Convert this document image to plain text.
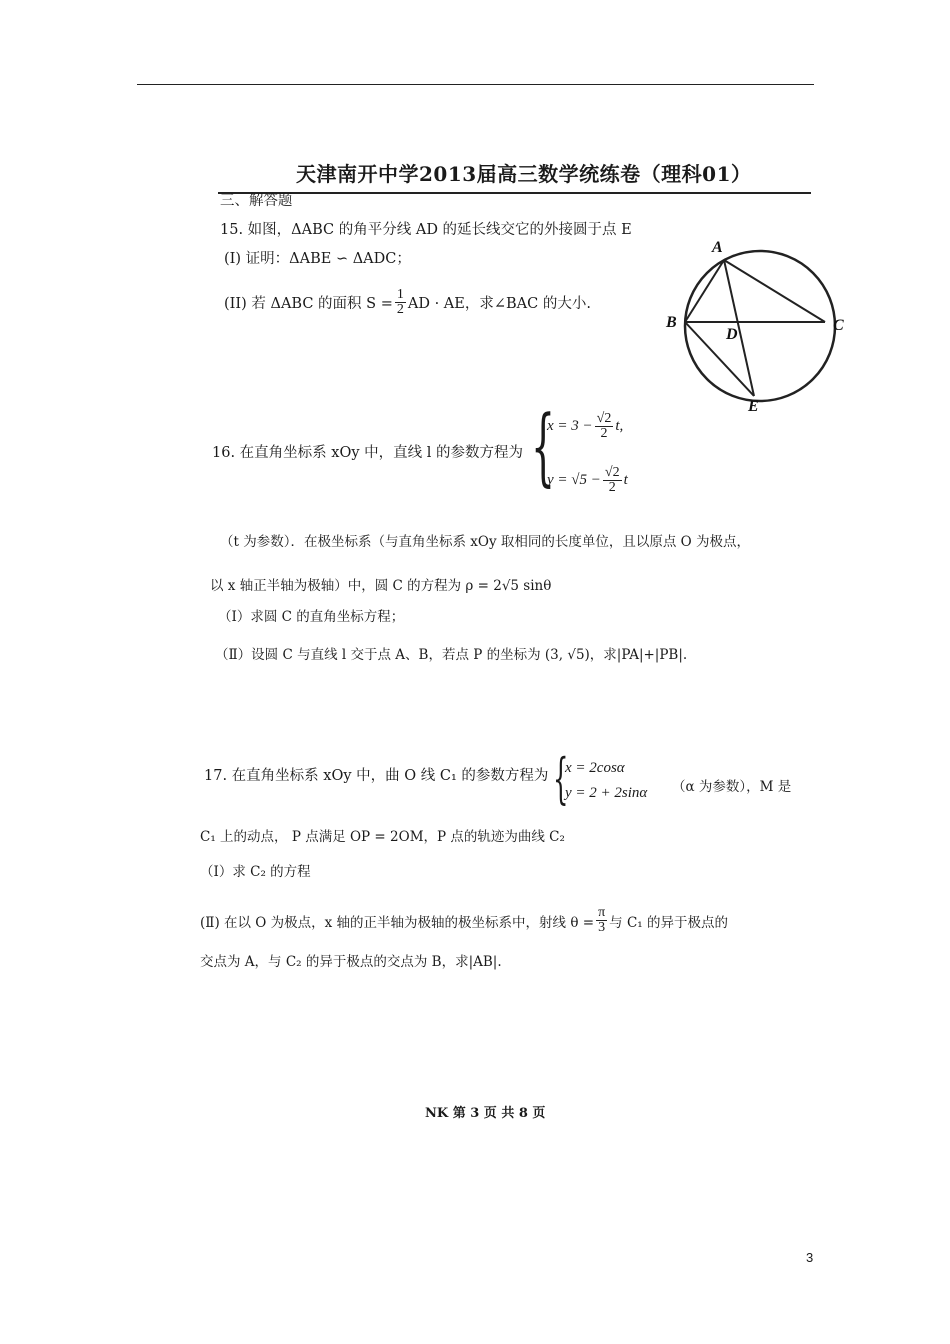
天津南开中学2013届高三数学统练卷（理科01）
三、解答题
15. 如图，ΔABC 的角平分线 AD 的延长线交它的外接圆于点 E
(I) 证明：ΔABE ∽ ΔADC；
(II) 若 ΔABC 的面积 $S = \frac{1}{2}$ AD · AE，求∠BAC 的大小.
A
B	C
D
E
16. 在直角坐标系 xOy 中，直线 l 的参数方程为 {
$x = 3 - \frac{√2}{2} t$,
$y = √5 - \frac{√2}{2}$ t
（t 为参数）．在极坐标系（与直角坐标系 xOy 取相同的长度单位，且以原点 O 为极点，
以 x 轴正半轴为极轴）中，圆 C 的方程为 ρ = 2√5 sinθ
（Ⅰ）求圆 C 的直角坐标方程；
（Ⅱ）设圆 C 与直线 l 交于点 A、B，若点 P 的坐标为 (3, √5)，求|PA|+|PB|.
17. 在直角坐标系 xOy 中，曲 O 线 C₁ 的参数方程为 {
x = 2cosα
y = 2 + 2sinα （α 为参数），M 是
C₁ 上的动点， P 点满足 OP = 2OM，P 点的轨迹为曲线 C₂
（Ⅰ）求 C₂ 的方程
(Ⅱ) 在以 O 为极点，x 轴的正半轴为极轴的极坐标系中，射线 $\theta = \frac{\pi}{3}$ 与 C₁ 的异于极点的
交点为 A，与 C₂ 的异于极点的交点为 B，求|AB|.
NK 第 3 页 共 8 页
3
